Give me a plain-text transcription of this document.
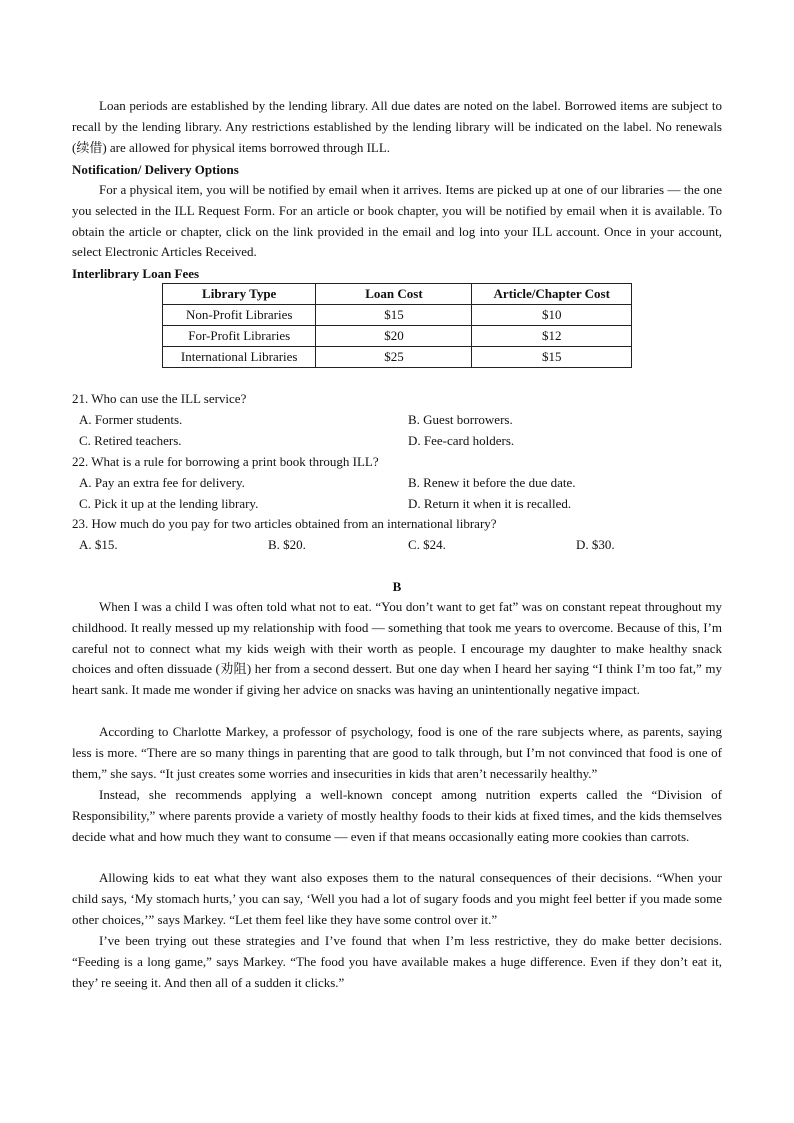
Loan periods are established by the lending library. All due dates are noted on the label. Borrowed items are subject to recall by the lending library. Any restrictions established by the lending library will be indicated on the label. No renewals (续借) are allowed for physical items borrowed through ILL.

Notification/ Delivery Options

For a physical item, you will be notified by email when it arrives. Items are picked up at one of our libraries — the one you selected in the ILL Request Form. For an article or book chapter, you will be notified by email when it is available. To obtain the article or chapter, click on the link provided in the email and log into your ILL account. Once in your account, select Electronic Articles Received.

Interlibrary Loan Fees

Library Type	Loan Cost	Article/Chapter Cost
Non-Profit Libraries	$15	$10
For-Profit Libraries	$20	$12
International Libraries	$25	$15

21. Who can use the ILL service?

A. Former students.	B. Guest borrowers.

C. Retired teachers.	D. Fee-card holders.

22. What is a rule for borrowing a print book through ILL?

A. Pay an extra fee for delivery.	B. Renew it before the due date.

C. Pick it up at the lending library.	D. Return it when it is recalled.

23. How much do you pay for two articles obtained from an international library?

A. $15.	B. $20.	C. $24.	D. $30.

B

When I was a child I was often told what not to eat. “You don’t want to get fat” was on constant repeat throughout my childhood. It really messed up my relationship with food — something that took me years to overcome. Because of this, I’m careful not to connect what my kids weigh with their worth as people. I encourage my daughter to make healthy snack choices and often dissuade (劝阻) her from a second dessert. But one day when I heard her saying “I think I’m too fat,” my heart sank. It made me wonder if giving her advice on snacks was having an unintentionally negative impact.

According to Charlotte Markey, a professor of psychology, food is one of the rare subjects where, as parents, saying less is more. “There are so many things in parenting that are good to talk through, but I’m not convinced that food is one of them,” she says. “It just creates some worries and insecurities in kids that aren’t necessarily healthy.”

Instead, she recommends applying a well-known concept among nutrition experts called the “Division of Responsibility,” where parents provide a variety of mostly healthy foods to their kids at fixed times, and the kids themselves decide what and how much they want to consume — even if that means occasionally eating more cookies than carrots.

Allowing kids to eat what they want also exposes them to the natural consequences of their decisions. “When your child says, ‘My stomach hurts,’ you can say, ‘Well you had a lot of sugary foods and you might feel better if you made some other choices,’” says Markey. “Let them feel like they have some control over it.”

I’ve been trying out these strategies and I’ve found that when I’m less restrictive, they do make better decisions. “Feeding is a long game,” says Markey. “The food you have available makes a huge difference. Even if they don’t eat it, they’ re seeing it. And then all of a sudden it clicks.”
